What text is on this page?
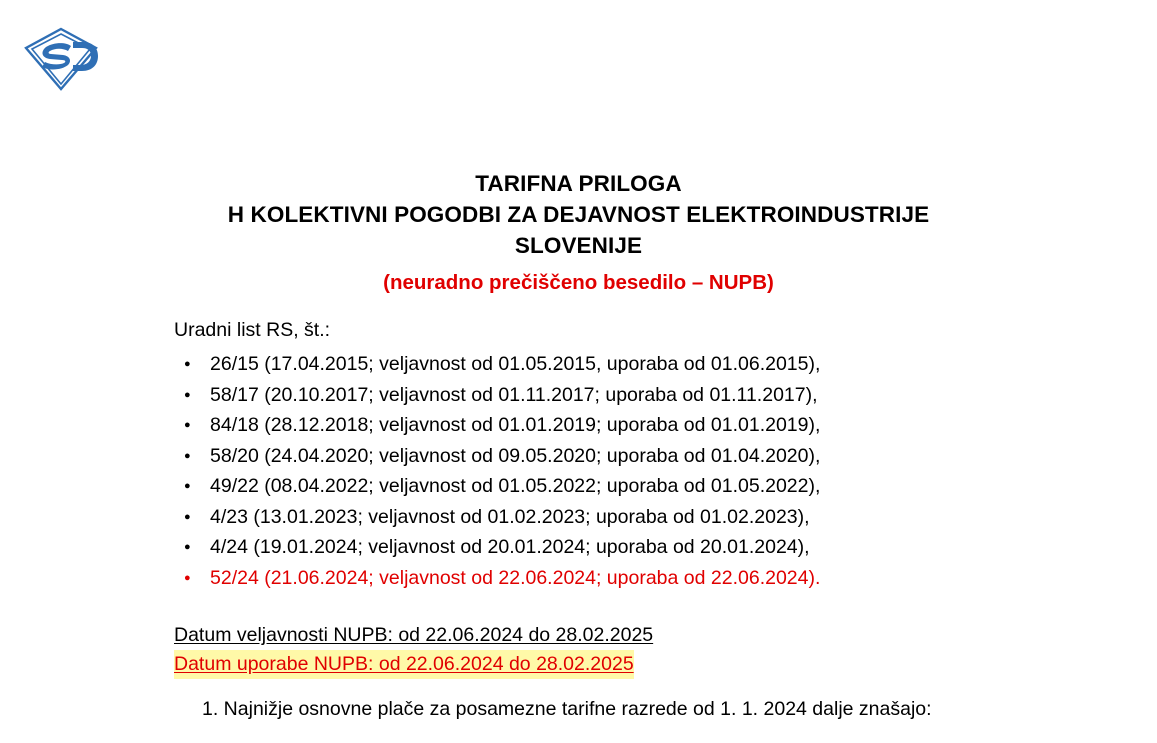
TARIFNA PRILOGA
H KOLEKTIVNI POGODBI ZA DEJAVNOST ELEKTROINDUSTRIJE
SLOVENIJE
(neuradno prečiščeno besedilo – NUPB)
Uradni list RS, št.:
● 26/15 (17.04.2015; veljavnost od 01.05.2015, uporaba od 01.06.2015),
● 58/17 (20.10.2017; veljavnost od 01.11.2017; uporaba od 01.11.2017),
● 84/18 (28.12.2018; veljavnost od 01.01.2019; uporaba od 01.01.2019),
● 58/20 (24.04.2020; veljavnost od 09.05.2020; uporaba od 01.04.2020),
● 49/22 (08.04.2022; veljavnost od 01.05.2022; uporaba od 01.05.2022),
● 4/23 (13.01.2023; veljavnost od 01.02.2023; uporaba od 01.02.2023),
● 4/24 (19.01.2024; veljavnost od 20.01.2024; uporaba od 20.01.2024),
● 52/24 (21.06.2024; veljavnost od 22.06.2024; uporaba od 22.06.2024).
Datum veljavnosti NUPB: od 22.06.2024 do 28.02.2025
Datum uporabe NUPB: od 22.06.2024 do 28.02.2025
1. Najnižje osnovne plače za posamezne tarifne razrede od 1. 1. 2024 dalje znašajo:
